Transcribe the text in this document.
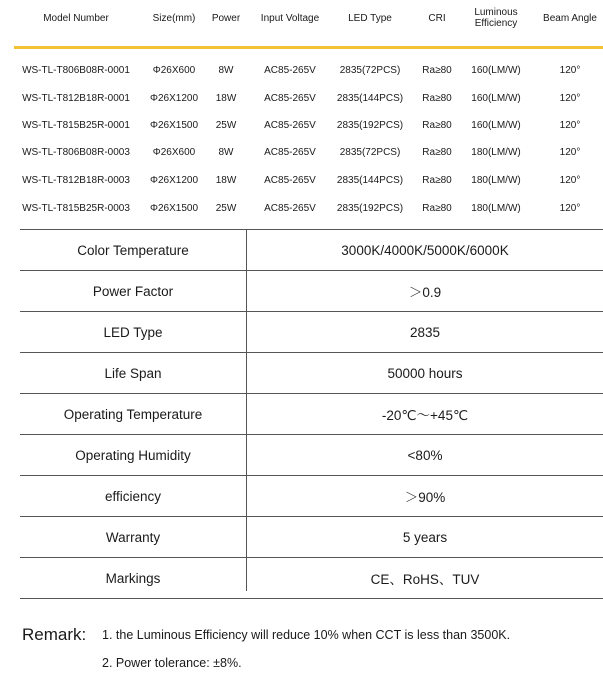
Model Number	Size(mm)	Power	Input Voltage	LED Type	CRI	Luminous
Efficiency	Beam Angle
WS-TL-T806B08R-0001	Φ26X600	8W	AC85-265V	2835(72PCS)	Ra≥80	160(LM/W)	120°
WS-TL-T812B18R-0001	Φ26X1200	18W	AC85-265V	2835(144PCS)	Ra≥80	160(LM/W)	120°
WS-TL-T815B25R-0001	Φ26X1500	25W	AC85-265V	2835(192PCS)	Ra≥80	160(LM/W)	120°
WS-TL-T806B08R-0003	Φ26X600	8W	AC85-265V	2835(72PCS)	Ra≥80	180(LM/W)	120°
WS-TL-T812B18R-0003	Φ26X1200	18W	AC85-265V	2835(144PCS)	Ra≥80	180(LM/W)	120°
WS-TL-T815B25R-0003	Φ26X1500	25W	AC85-265V	2835(192PCS)	Ra≥80	180(LM/W)	120°
Color Temperature	3000K/4000K/5000K/6000K
Power Factor	＞0.9
LED Type	2835
Life Span	50000 hours
Operating Temperature	-20℃～+45℃
Operating Humidity	<80%
efficiency	＞90%
Warranty	5 years
Markings	CE、RoHS、TUV
Remark: 1. the Luminous Efficiency will reduce 10% when CCT is less than 3500K.
2. Power tolerance: ±8%.
